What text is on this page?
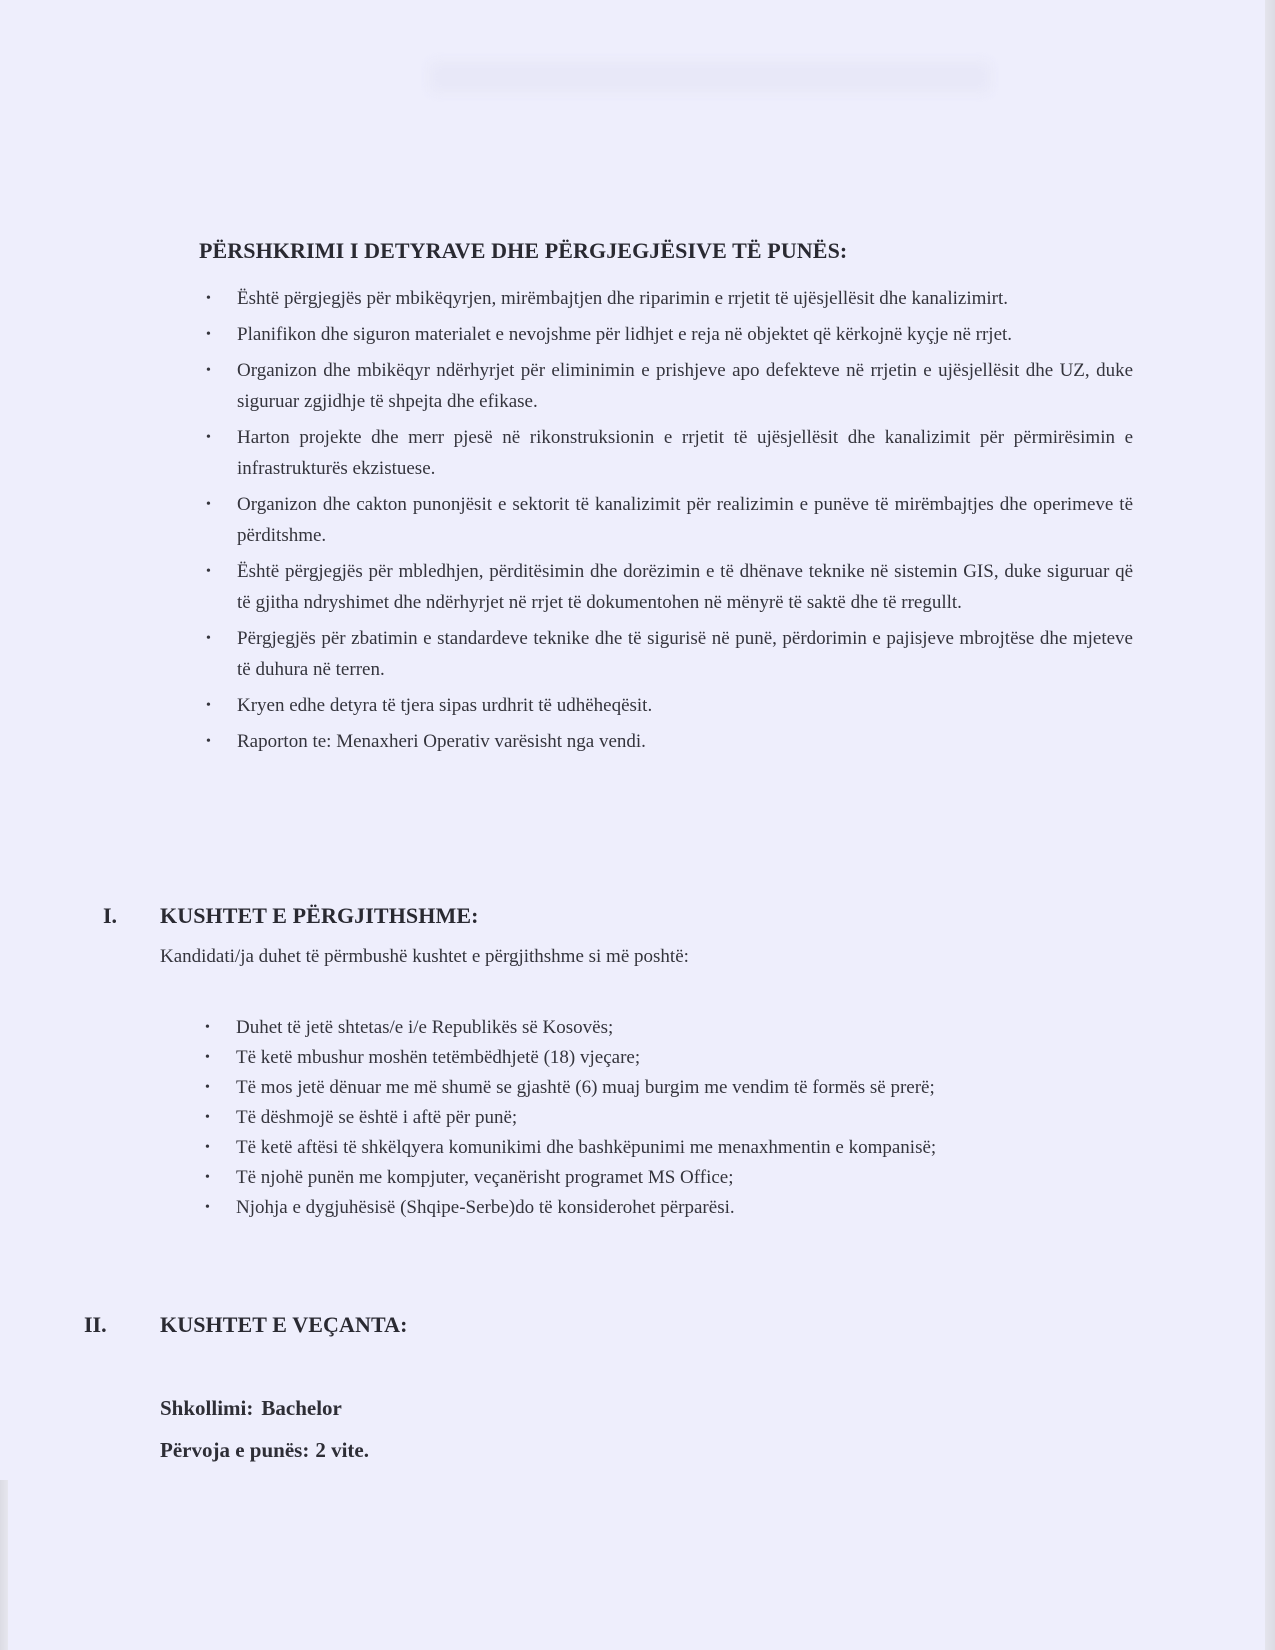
PËRSHKRIMI I DETYRAVE DHE PËRGJEGJËSIVE TË PUNËS:
• Është përgjegjës për mbikëqyrjen, mirëmbajtjen dhe riparimin e rrjetit të ujësjellësit dhe kanalizimirt.
• Planifikon dhe siguron materialet e nevojshme për lidhjet e reja në objektet që kërkojnë kyçje në rrjet.
• Organizon dhe mbikëqyr ndërhyrjet për eliminimin e prishjeve apo defekteve në rrjetin e ujësjellësit dhe UZ, duke siguruar zgjidhje të shpejta dhe efikase.
• Harton projekte dhe merr pjesë në rikonstruksionin e rrjetit të ujësjellësit dhe kanalizimit për përmirësimin e infrastrukturës ekzistuese.
• Organizon dhe cakton punonjësit e sektorit të kanalizimit për realizimin e punëve të mirëmbajtjes dhe operimeve të përditshme.
• Është përgjegjës për mbledhjen, përditësimin dhe dorëzimin e të dhënave teknike në sistemin GIS, duke siguruar që të gjitha ndryshimet dhe ndërhyrjet në rrjet të dokumentohen në mënyrë të saktë dhe të rregullt.
• Përgjegjës për zbatimin e standardeve teknike dhe të sigurisë në punë, përdorimin e pajisjeve mbrojtëse dhe mjeteve të duhura në terren.
• Kryen edhe detyra të tjera sipas urdhrit të udhëheqësit.
• Raporton te: Menaxheri Operativ varësisht nga vendi.
I. KUSHTET E PËRGJITHSHME:

Kandidati/ja duhet të përmbushë kushtet e përgjithshme si më poshtë:

• Duhet të jetë shtetas/e i/e Republikës së Kosovës;
• Të ketë mbushur moshën tetëmbëdhjetë (18) vjeçare;
• Të mos jetë dënuar me më shumë se gjashtë (6) muaj burgim me vendim të formës së prerë;
• Të dëshmojë se është i aftë për punë;
• Të ketë aftësi të shkëlqyera komunikimi dhe bashkëpunimi me menaxhmentin e kompanisë;
• Të njohë punën me kompjuter, veçanërisht programet MS Office;
• Njohja e dygjuhësisë (Shqipe-Serbe)do të konsiderohet përparësi.
II. KUSHTET E VEÇANTA:
Shkollimi: Bachelor
Përvoja e punës: 2 vite.
